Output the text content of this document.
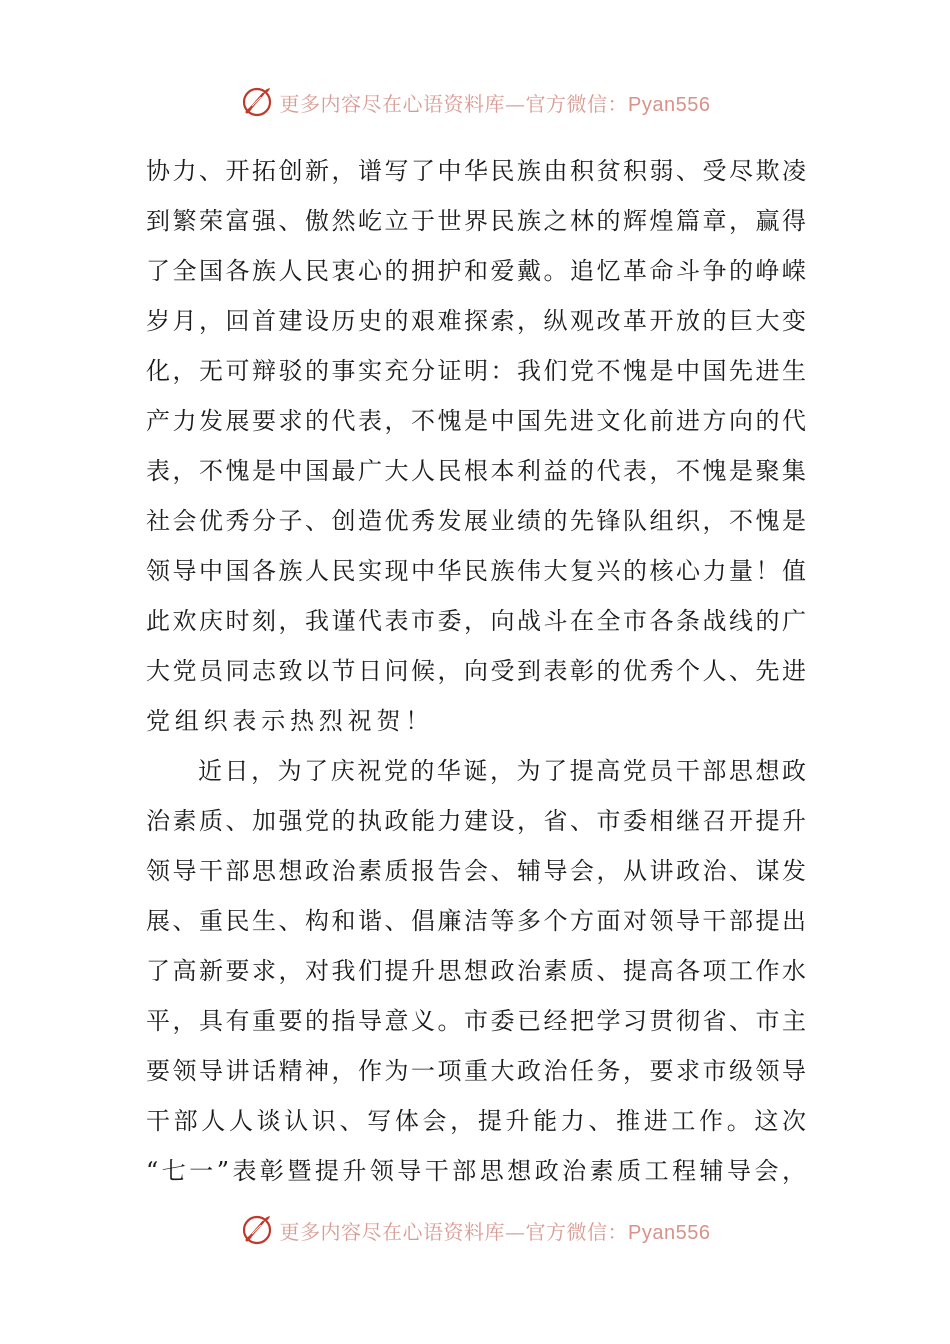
更多内容尽在心语资料库—官方微信：Pyan556
协力、开拓创新，谱写了中华民族由积贫积弱、受尽欺凌
到繁荣富强、傲然屹立于世界民族之林的辉煌篇章，赢得
了全国各族人民衷心的拥护和爱戴。追忆革命斗争的峥嵘
岁月，回首建设历史的艰难探索，纵观改革开放的巨大变
化，无可辩驳的事实充分证明：我们党不愧是中国先进生
产力发展要求的代表，不愧是中国先进文化前进方向的代
表，不愧是中国最广大人民根本利益的代表，不愧是聚集
社会优秀分子、创造优秀发展业绩的先锋队组织，不愧是
领导中国各族人民实现中华民族伟大复兴的核心力量！值
此欢庆时刻，我谨代表市委，向战斗在全市各条战线的广
大党员同志致以节日问候，向受到表彰的优秀个人、先进
党组织表示热烈祝贺！
近日，为了庆祝党的华诞，为了提高党员干部思想政
治素质、加强党的执政能力建设，省、市委相继召开提升
领导干部思想政治素质报告会、辅导会，从讲政治、谋发
展、重民生、构和谐、倡廉洁等多个方面对领导干部提出
了高新要求，对我们提升思想政治素质、提高各项工作水
平，具有重要的指导意义。市委已经把学习贯彻省、市主
要领导讲话精神，作为一项重大政治任务，要求市级领导
干部人人谈认识、写体会，提升能力、推进工作。这次
“七一”表彰暨提升领导干部思想政治素质工程辅导会，
更多内容尽在心语资料库—官方微信：Pyan556
